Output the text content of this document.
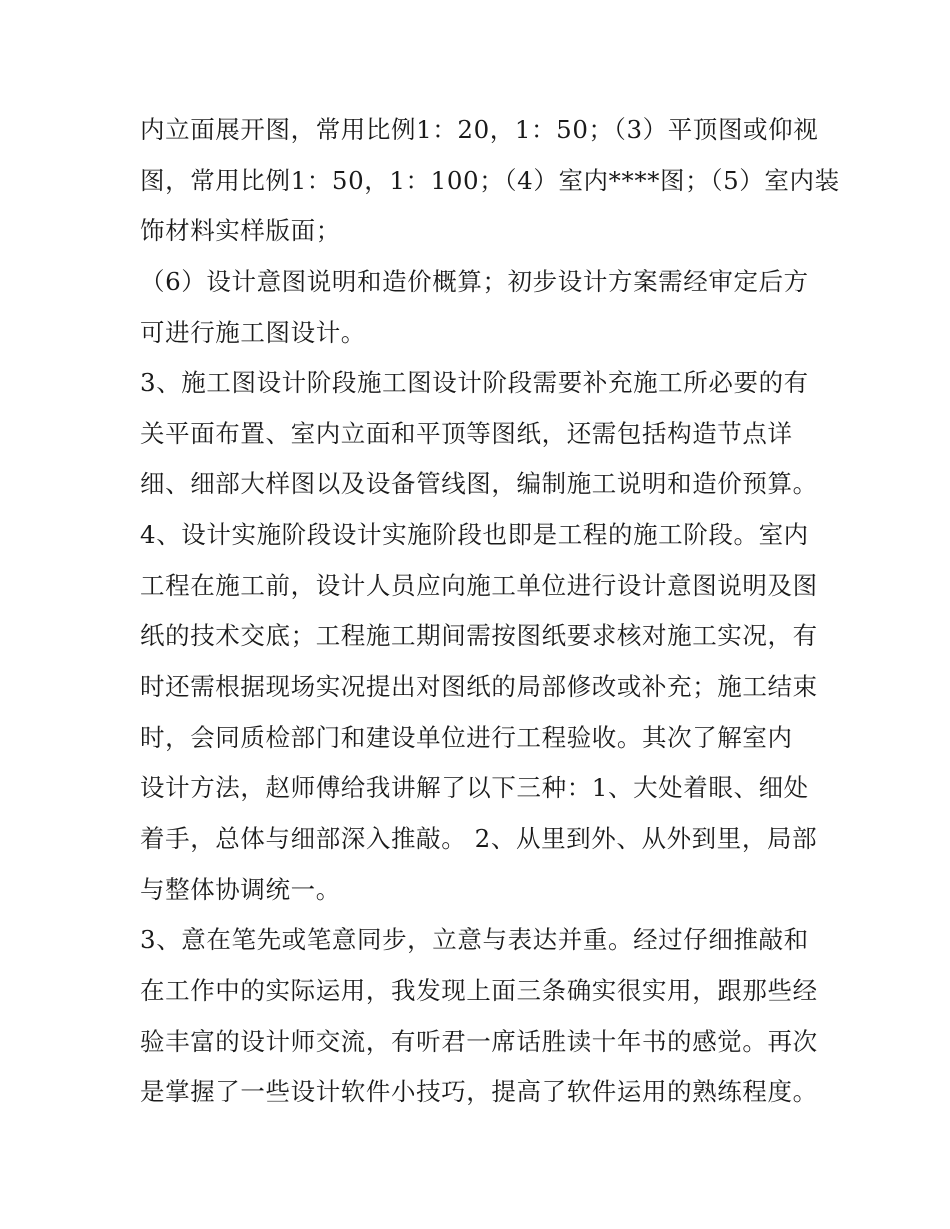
内立面展开图，常用比例1：20，1：50；（3）平顶图或仰视
图，常用比例1：50，1：100；（4）室内****图；（5）室内装
饰材料实样版面；
（6）设计意图说明和造价概算；初步设计方案需经审定后方
可进行施工图设计。
3、施工图设计阶段施工图设计阶段需要补充施工所必要的有
关平面布置、室内立面和平顶等图纸，还需包括构造节点详
细、细部大样图以及设备管线图，编制施工说明和造价预算。
4、设计实施阶段设计实施阶段也即是工程的施工阶段。室内
工程在施工前，设计人员应向施工单位进行设计意图说明及图
纸的技术交底；工程施工期间需按图纸要求核对施工实况，有
时还需根据现场实况提出对图纸的局部修改或补充；施工结束
时，会同质检部门和建设单位进行工程验收。其次了解室内
设计方法，赵师傅给我讲解了以下三种：1、大处着眼、细处
着手，总体与细部深入推敲。 2、从里到外、从外到里，局部
与整体协调统一。
3、意在笔先或笔意同步，立意与表达并重。经过仔细推敲和
在工作中的实际运用，我发现上面三条确实很实用，跟那些经
验丰富的设计师交流，有听君一席话胜读十年书的感觉。再次
是掌握了一些设计软件小技巧，提高了软件运用的熟练程度。
